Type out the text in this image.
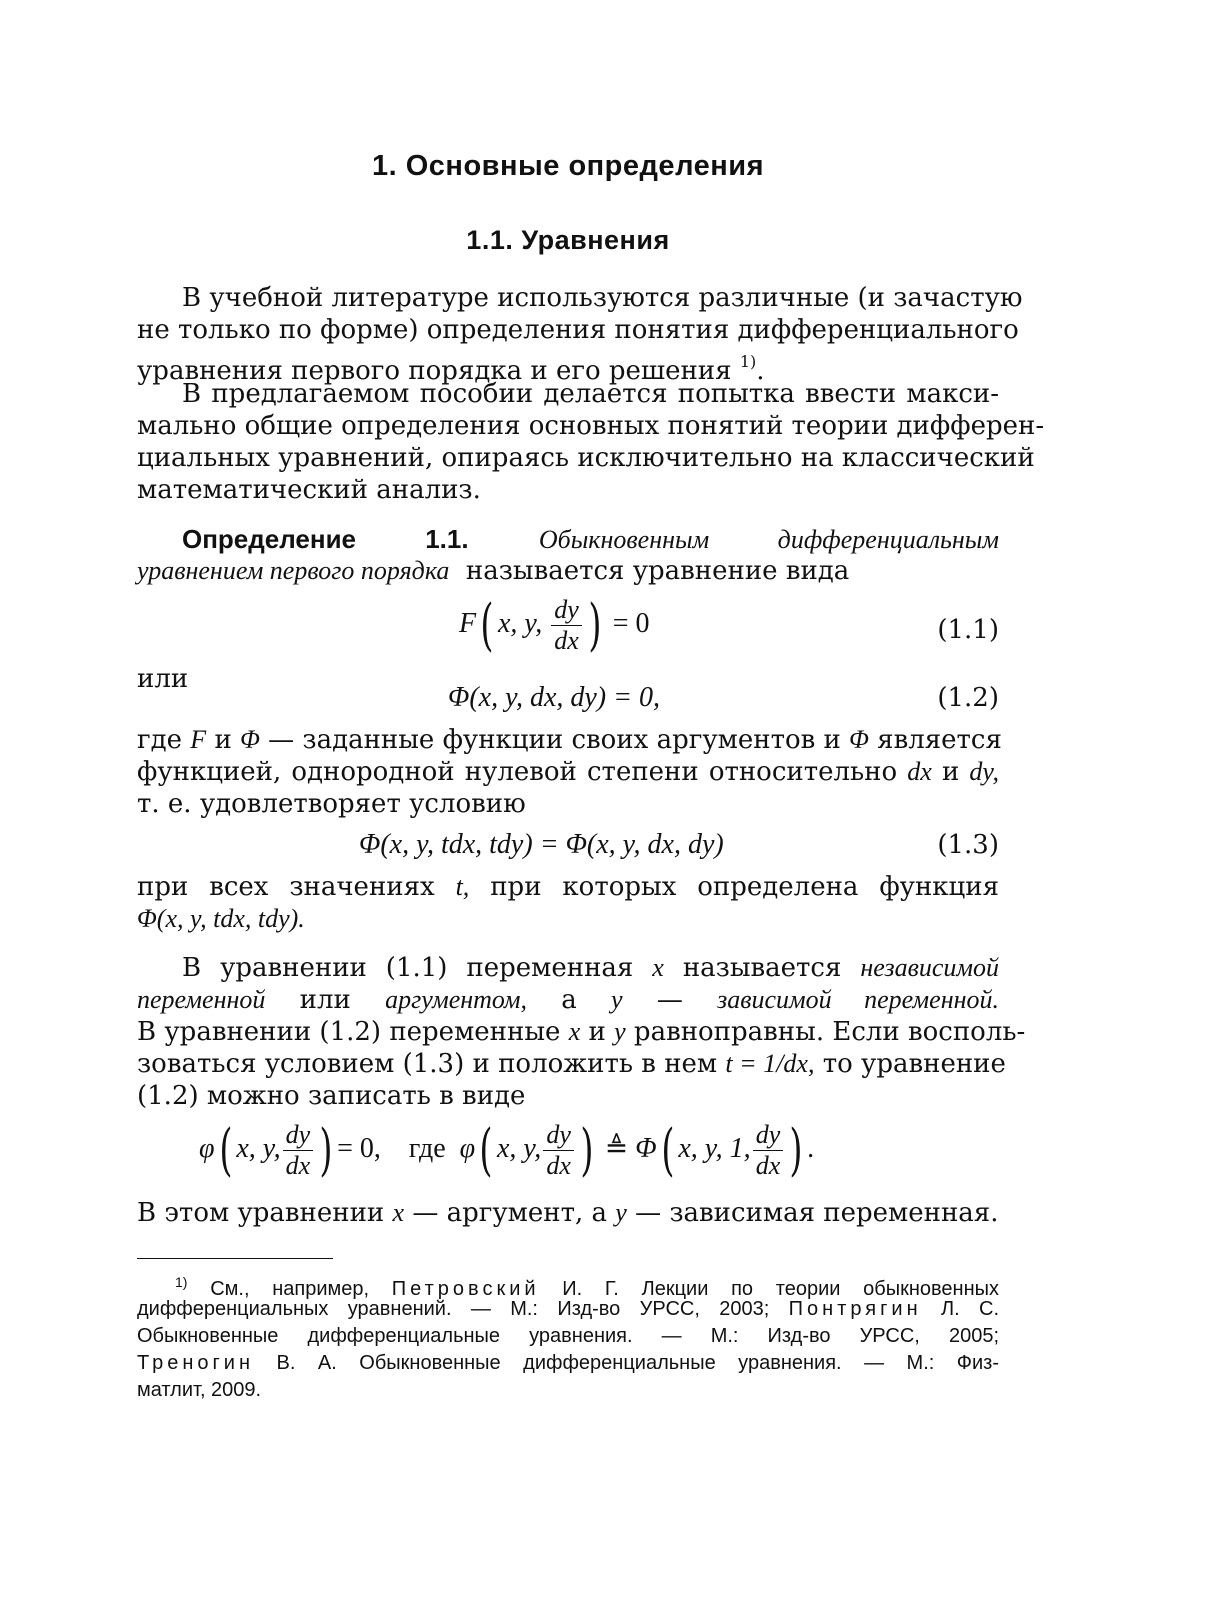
1. Основные определения
1.1. Уравнения
В учебной литературе используются различные (и зачастую
не только по форме) определения понятия дифференциального
уравнения первого порядка и его решения $^{1)}$.
В предлагаемом пособии делается попытка ввести макси-
мально общие определения основных понятий теории дифферен-
циальных уравнений, опираясь исключительно на классический
математический анализ.
Определение 1.1.	Обыкновенным дифференциальным
уравнением первого порядка называется уравнение вида
F( x, y, $\frac{dy}{dx}$ ) = 0	(1.1)
или
Φ(x, y, dx, dy) = 0,	(1.2)
где F и Φ — заданные функции своих аргументов и Φ является
функцией, однородной нулевой степени относительно dx и dy,
т. е. удовлетворяет условию
Φ(x, y, tdx, tdy) = Φ(x, y, dx, dy)	(1.3)
при всех значениях t, при которых определена функция
Φ(x, y, tdx, tdy).
В уравнении (1.1) переменная x называется независимой
переменной или аргументом, а y — зависимой переменной.
В уравнении (1.2) переменные x и y равноправны. Если восполь-
зоваться условием (1.3) и положить в нем t = 1/dx, то уравнение
(1.2) можно записать в виде
φ( x, y, $\frac{dy}{dx}$ ) = 0, где φ( x, y, $\frac{dy}{dx}$ ) ≜ Φ( x, y, 1, $\frac{dy}{dx}$ ) .
В этом уравнении x — аргумент, а y — зависимая переменная.
$^{1)}$ См., например, Петровский И. Г. Лекции по теории обыкновенных
дифференциальных уравнений. — М.: Изд-во УРСС, 2003; Понтрягин Л. С.
Обыкновенные дифференциальные уравнения. — М.: Изд-во УРСС, 2005;
Треногин В. А. Обыкновенные дифференциальные уравнения. — М.: Физ-
матлит, 2009.
